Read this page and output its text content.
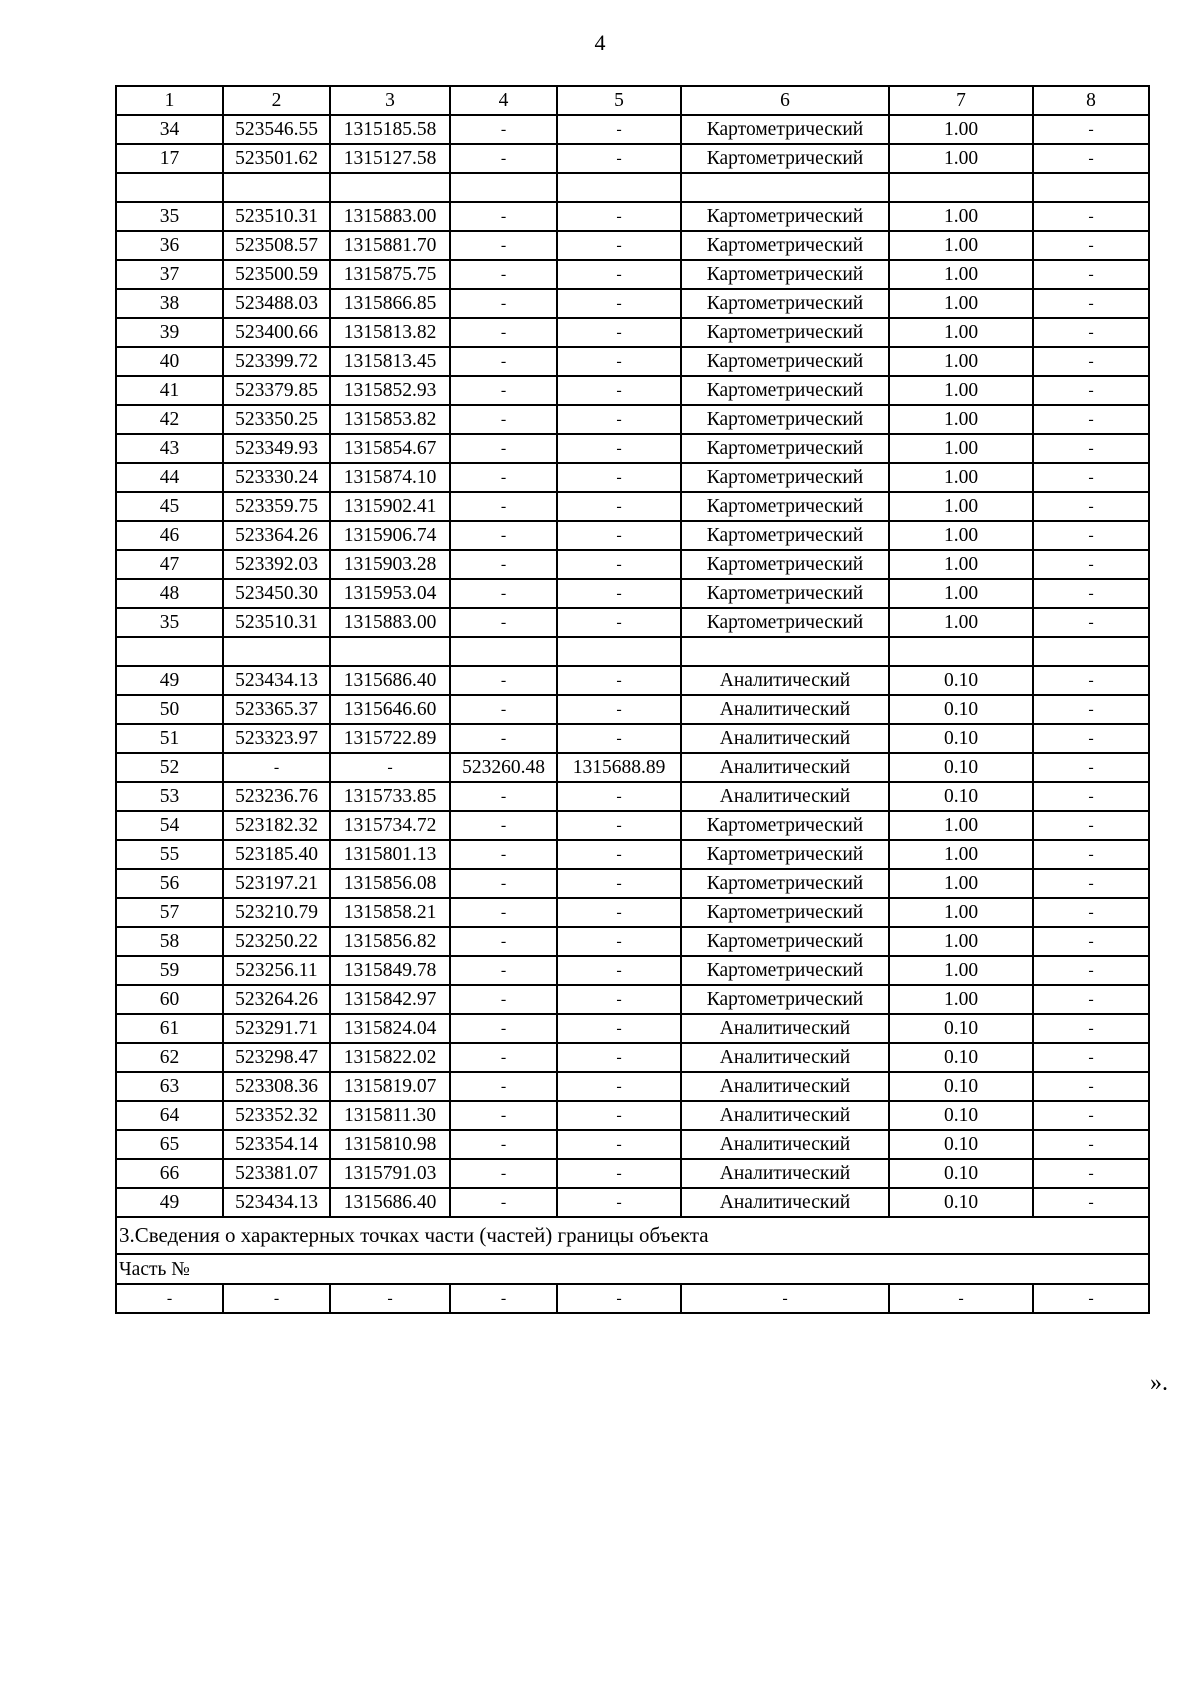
4
1	2	3	4	5	6	7	8
34	523546.55	1315185.58	-	-	Картометрический	1.00	-
17	523501.62	1315127.58	-	-	Картометрический	1.00	-

35	523510.31	1315883.00	-	-	Картометрический	1.00	-
36	523508.57	1315881.70	-	-	Картометрический	1.00	-
37	523500.59	1315875.75	-	-	Картометрический	1.00	-
38	523488.03	1315866.85	-	-	Картометрический	1.00	-
39	523400.66	1315813.82	-	-	Картометрический	1.00	-
40	523399.72	1315813.45	-	-	Картометрический	1.00	-
41	523379.85	1315852.93	-	-	Картометрический	1.00	-
42	523350.25	1315853.82	-	-	Картометрический	1.00	-
43	523349.93	1315854.67	-	-	Картометрический	1.00	-
44	523330.24	1315874.10	-	-	Картометрический	1.00	-
45	523359.75	1315902.41	-	-	Картометрический	1.00	-
46	523364.26	1315906.74	-	-	Картометрический	1.00	-
47	523392.03	1315903.28	-	-	Картометрический	1.00	-
48	523450.30	1315953.04	-	-	Картометрический	1.00	-
35	523510.31	1315883.00	-	-	Картометрический	1.00	-

49	523434.13	1315686.40	-	-	Аналитический	0.10	-
50	523365.37	1315646.60	-	-	Аналитический	0.10	-
51	523323.97	1315722.89	-	-	Аналитический	0.10	-
52	-	-	523260.48	1315688.89	Аналитический	0.10	-
53	523236.76	1315733.85	-	-	Аналитический	0.10	-
54	523182.32	1315734.72	-	-	Картометрический	1.00	-
55	523185.40	1315801.13	-	-	Картометрический	1.00	-
56	523197.21	1315856.08	-	-	Картометрический	1.00	-
57	523210.79	1315858.21	-	-	Картометрический	1.00	-
58	523250.22	1315856.82	-	-	Картометрический	1.00	-
59	523256.11	1315849.78	-	-	Картометрический	1.00	-
60	523264.26	1315842.97	-	-	Картометрический	1.00	-
61	523291.71	1315824.04	-	-	Аналитический	0.10	-
62	523298.47	1315822.02	-	-	Аналитический	0.10	-
63	523308.36	1315819.07	-	-	Аналитический	0.10	-
64	523352.32	1315811.30	-	-	Аналитический	0.10	-
65	523354.14	1315810.98	-	-	Аналитический	0.10	-
66	523381.07	1315791.03	-	-	Аналитический	0.10	-
49	523434.13	1315686.40	-	-	Аналитический	0.10	-
3.Сведения о характерных точках части (частей) границы объекта							
Часть №							
-	-	-	-	-	-	-	-
».
